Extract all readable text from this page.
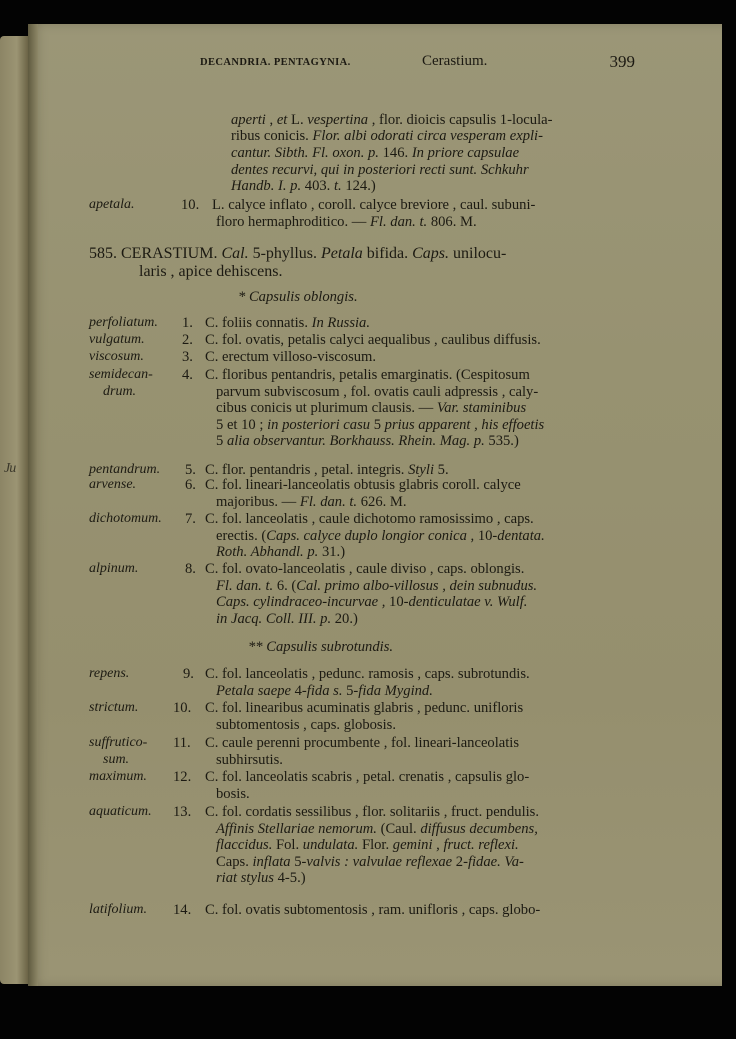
Ju
DECANDRIA. PENTAGYNIA.	Cerastium.	399
aperti , et L. vespertina , flor. dioicis capsulis 1-locula-
ribus conicis. Flor. albi odorati circa vesperam expli-
cantur. Sibth. Fl. oxon. p. 146. In priore capsulae
dentes recurvi, qui in posteriori recti sunt. Schkuhr
Handb. I. p. 403. t. 124.)
apetala.	10. L. calyce inflato , coroll. calyce breviore , caul. subuni-
floro hermaphroditico. — Fl. dan. t. 806. M.
585. CERASTIUM. Cal. 5-phyllus. Petala bifida. Caps. unilocu-
laris , apice dehiscens.
* Capsulis oblongis.
perfoliatum. 1. C. foliis connatis. In Russia.
vulgatum.	2. C. fol. ovatis, petalis calyci aequalibus , caulibus diffusis.
viscosum.	3. C. erectum villoso-viscosum.
semidecan-
drum.
4. C. floribus pentandris, petalis emarginatis. (Cespitosum
parvum subviscosum , fol. ovatis cauli adpressis , caly-
cibus conicis ut plurimum clausis. — Var. staminibus
5 et 10 ; in posteriori casu 5 prius apparent , his effoetis
5 alia observantur. Borkhauss. Rhein. Mag. p. 535.)
pentandrum. 5. C. flor. pentandris , petal. integris. Styli 5.
arvense.	6. C. fol. lineari-lanceolatis obtusis glabris coroll. calyce
majoribus. — Fl. dan. t. 626. M.
dichotomum. 7. C. fol. lanceolatis , caule dichotomo ramosissimo , caps.
erectis. (Caps. calyce duplo longior conica , 10-dentata.
Roth. Abhandl. p. 31.)
alpinum.	8. C. fol. ovato-lanceolatis , caule diviso , caps. oblongis.
Fl. dan. t. 6. (Cal. primo albo-villosus , dein subnudus.
Caps. cylindraceo-incurvae , 10-denticulatae v. Wulf.
in Jacq. Coll. III. p. 20.)
repens.	9. C. fol. lanceolatis , pedunc. ramosis , caps. subrotundis.
Petala saepe 4-fida s. 5-fida Mygind.
strictum. 10. C. fol. linearibus acuminatis glabris , pedunc. unifloris
subtomentosis , caps. globosis.
suffrutico-
sum.
11. C. caule perenni procumbente , fol. lineari-lanceolatis
subhirsutis.
maximum. 12. C. fol. lanceolatis scabris , petal. crenatis , capsulis glo-
bosis.
aquaticum. 13. C. fol. cordatis sessilibus , flor. solitariis , fruct. pendulis.
Affinis Stellariae nemorum. (Caul. diffusus decumbens,
flaccidus. Fol. undulata. Flor. gemini , fruct. reflexi.
Caps. inflata 5-valvis : valvulae reflexae 2-fidae. Va-
riat stylus 4-5.)
latifolium. 14. C. fol. ovatis subtomentosis , ram. unifloris , caps. globo-
** Capsulis subrotundis.
